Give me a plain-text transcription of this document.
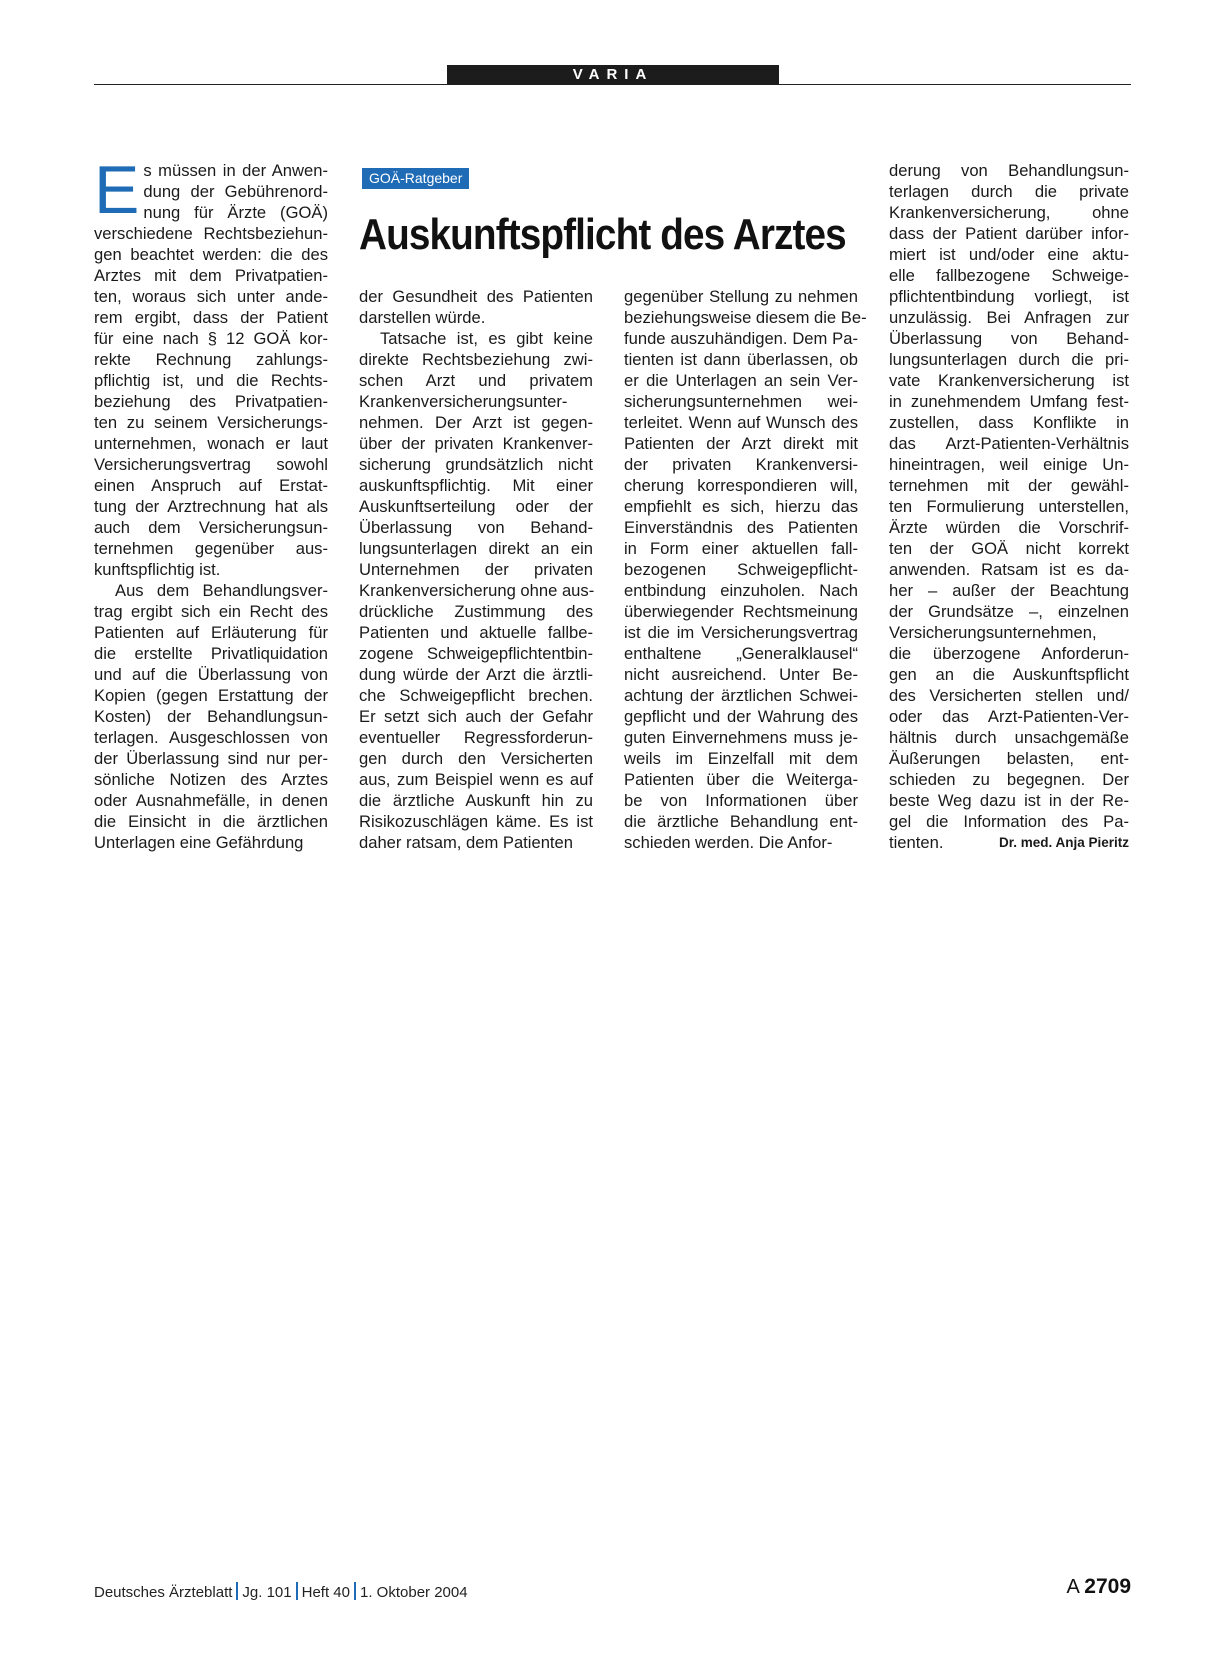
VARIA
GOÄ-Ratgeber
Auskunftspflicht des Arztes
E s müssen in der Anwen-
dung der Gebührenord-
nung für Ärzte (GOÄ)
verschiedene Rechtsbeziehun-
gen beachtet werden: die des
Arztes mit dem Privatpatien-
ten, woraus sich unter ande-
rem ergibt, dass der Patient
für eine nach § 12 GOÄ kor-
rekte Rechnung zahlungs-
pflichtig ist, und die Rechts-
beziehung des Privatpatien-
ten zu seinem Versicherungs-
unternehmen, wonach er laut
Versicherungsvertrag sowohl
einen Anspruch auf Erstat-
tung der Arztrechnung hat als
auch dem Versicherungsun-
ternehmen gegenüber aus-
kunftspflichtig ist.
Aus dem Behandlungsver-
trag ergibt sich ein Recht des
Patienten auf Erläuterung für
die erstellte Privatliquidation
und auf die Überlassung von
Kopien (gegen Erstattung der
Kosten) der Behandlungsun-
terlagen. Ausgeschlossen von
der Überlassung sind nur per-
sönliche Notizen des Arztes
oder Ausnahmefälle, in denen
die Einsicht in die ärztlichen
Unterlagen eine Gefährdung
der Gesundheit des Patienten
darstellen würde.
Tatsache ist, es gibt keine
direkte Rechtsbeziehung zwi-
schen Arzt und privatem
Krankenversicherungsunter-
nehmen. Der Arzt ist gegen-
über der privaten Krankenver-
sicherung grundsätzlich nicht
auskunftspflichtig. Mit einer
Auskunftserteilung oder der
Überlassung von Behand-
lungsunterlagen direkt an ein
Unternehmen der privaten
Krankenversicherung ohne aus-
drückliche Zustimmung des
Patienten und aktuelle fallbe-
zogene Schweigepflichtentbin-
dung würde der Arzt die ärztli-
che Schweigepflicht brechen.
Er setzt sich auch der Gefahr
eventueller Regressforderun-
gen durch den Versicherten
aus, zum Beispiel wenn es auf
die ärztliche Auskunft hin zu
Risikozuschlägen käme. Es ist
daher ratsam, dem Patienten
gegenüber Stellung zu nehmen
beziehungsweise diesem die Be-
funde auszuhändigen. Dem Pa-
tienten ist dann überlassen, ob
er die Unterlagen an sein Ver-
sicherungsunternehmen wei-
terleitet. Wenn auf Wunsch des
Patienten der Arzt direkt mit
der privaten Krankenversi-
cherung korrespondieren will,
empfiehlt es sich, hierzu das
Einverständnis des Patienten
in Form einer aktuellen fall-
bezogenen Schweigepflicht-
entbindung einzuholen. Nach
überwiegender Rechtsmeinung
ist die im Versicherungsvertrag
enthaltene „Generalklausel“
nicht ausreichend. Unter Be-
achtung der ärztlichen Schwei-
gepflicht und der Wahrung des
guten Einvernehmens muss je-
weils im Einzelfall mit dem
Patienten über die Weiterga-
be von Informationen über
die ärztliche Behandlung ent-
schieden werden. Die Anfor-
derung von Behandlungsun-
terlagen durch die private
Krankenversicherung, ohne
dass der Patient darüber infor-
miert ist und/oder eine aktu-
elle fallbezogene Schweige-
pflichtentbindung vorliegt, ist
unzulässig. Bei Anfragen zur
Überlassung von Behand-
lungsunterlagen durch die pri-
vate Krankenversicherung ist
in zunehmendem Umfang fest-
zustellen, dass Konflikte in
das Arzt-Patienten-Verhältnis
hineintragen, weil einige Un-
ternehmen mit der gewähl-
ten Formulierung unterstellen,
Ärzte würden die Vorschrif-
ten der GOÄ nicht korrekt
anwenden. Ratsam ist es da-
her – außer der Beachtung
der Grundsätze –, einzelnen
Versicherungsunternehmen,
die überzogene Anforderun-
gen an die Auskunftspflicht
des Versicherten stellen und/
oder das Arzt-Patienten-Ver-
hältnis durch unsachgemäße
Äußerungen belasten, ent-
schieden zu begegnen. Der
beste Weg dazu ist in der Re-
gel die Information des Pa-
tienten.	Dr. med. Anja Pieritz
Deutsches Ärzteblatt Jg. 101 Heft 40 1. Oktober 2004	A 2709
